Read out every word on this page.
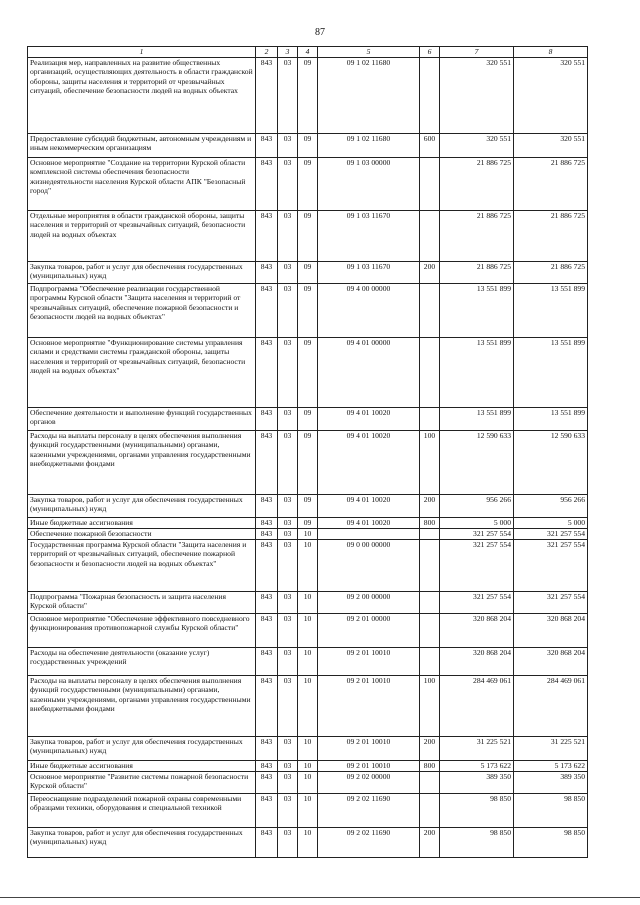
87
1	2	3	4	5	6	7	8
Реализация мер, направленных на развитие общественных организаций, осуществляющих деятельность в области гражданской обороны, защиты населения и территорий от чрезвычайных ситуаций, обеспечение безопасности людей на водных объектах	843	03	09	09 1 02 11680		320 551	320 551
Предоставление субсидий бюджетным, автономным учреждениям и иным некоммерческим организациям	843	03	09	09 1 02 11680	600	320 551	320 551
Основное мероприятие "Создание на территории Курской области комплексной системы обеспечения безопасности жизнедеятельности населения Курской области АПК "Безопасный город"	843	03	09	09 1 03 00000		21 886 725	21 886 725
Отдельные мероприятия в области гражданской обороны, защиты населения и территорий от чрезвычайных ситуаций, безопасности людей на водных объектах	843	03	09	09 1 03 11670		21 886 725	21 886 725
Закупка товаров, работ и услуг для обеспечения государственных (муниципальных) нужд	843	03	09	09 1 03 11670	200	21 886 725	21 886 725
Подпрограмма "Обеспечение реализации государственной программы Курской области "Защита населения и территорий от чрезвычайных ситуаций, обеспечение пожарной безопасности и безопасности людей на водных объектах"	843	03	09	09 4 00 00000		13 551 899	13 551 899
Основное мероприятие "Функционирование системы управления силами и средствами системы гражданской обороны, защиты населения и территорий от чрезвычайных ситуаций, безопасности людей на водных объектах"	843	03	09	09 4 01 00000		13 551 899	13 551 899
Обеспечение деятельности и выполнение функций государственных органов	843	03	09	09 4 01 10020		13 551 899	13 551 899
Расходы на выплаты персоналу в целях обеспечения выполнения функций государственными (муниципальными) органами, казенными учреждениями, органами управления государственными внебюджетными фондами	843	03	09	09 4 01 10020	100	12 590 633	12 590 633
Закупка товаров, работ и услуг для обеспечения государственных (муниципальных) нужд	843	03	09	09 4 01 10020	200	956 266	956 266
Иные бюджетные ассигнования	843	03	09	09 4 01 10020	800	5 000	5 000
Обеспечение пожарной безопасности	843	03	10			321 257 554	321 257 554
Государственная программа Курской области "Защита населения и территорий от чрезвычайных ситуаций, обеспечение пожарной безопасности и безопасности людей на водных объектах"	843	03	10	09 0 00 00000		321 257 554	321 257 554
Подпрограмма "Пожарная безопасность и защита населения Курской области"	843	03	10	09 2 00 00000		321 257 554	321 257 554
Основное мероприятие "Обеспечение эффективного повседневного функционирования противопожарной службы Курской области"	843	03	10	09 2 01 00000		320 868 204	320 868 204
Расходы на обеспечение деятельности (оказание услуг) государственных учреждений	843	03	10	09 2 01 10010		320 868 204	320 868 204
Расходы на выплаты персоналу в целях обеспечения выполнения функций государственными (муниципальными) органами, казенными учреждениями, органами управления государственными внебюджетными фондами	843	03	10	09 2 01 10010	100	284 469 061	284 469 061
Закупка товаров, работ и услуг для обеспечения государственных (муниципальных) нужд	843	03	10	09 2 01 10010	200	31 225 521	31 225 521
Иные бюджетные ассигнования	843	03	10	09 2 01 10010	800	5 173 622	5 173 622
Основное мероприятие "Развитие системы пожарной безопасности Курской области"	843	03	10	09 2 02 00000		389 350	389 350
Переоснащение подразделений пожарной охраны современными образцами техники, оборудования и специальной техникой	843	03	10	09 2 02 11690		98 850	98 850
Закупка товаров, работ и услуг для обеспечения государственных (муниципальных) нужд	843	03	10	09 2 02 11690	200	98 850	98 850
